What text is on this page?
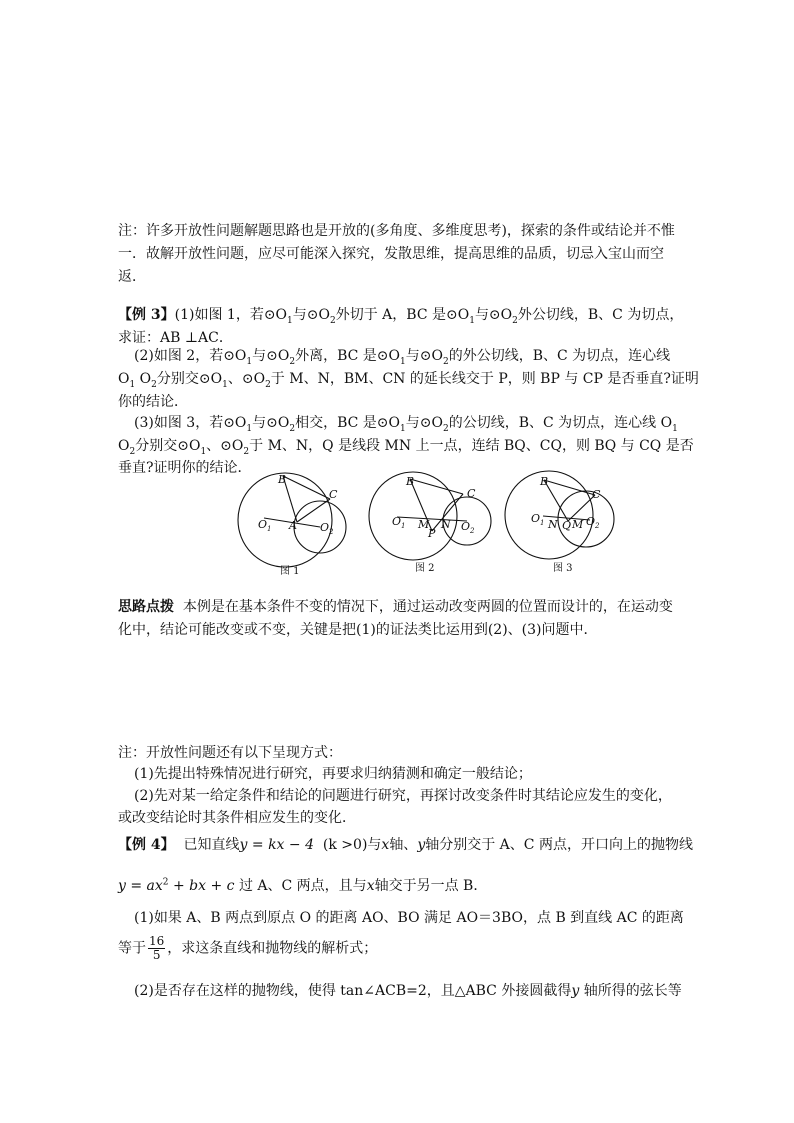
注：许多开放性问题解题思路也是开放的(多角度、多维度思考)，探索的条件或结论并不惟
一．故解开放性问题，应尽可能深入探究，发散思维，提高思维的品质，切忌入宝山而空
返．
【例 3】(1)如图 1，若$⊙O_1$与$⊙O_2$外切于 A，BC 是$⊙O_1$与$⊙O_2$外公切线，B、C 为切点，
求证：AB ⊥AC．
(2)如图 2，若$⊙O_1$与$⊙O_2$外离，BC 是$⊙O_1$与$⊙O_2$的外公切线，B、C 为切点，连心线
$O_1$ $O_2$分别交$⊙O_1$、$⊙O_2$于 M、N，BM、CN 的延长线交于 P，则 BP 与 CP 是否垂直?证明
你的结论．
(3)如图 3，若$⊙O_1$与$⊙O_2$相交，BC 是$⊙O_1$与$⊙O_2$的公切线，B、C 为切点，连心线 $O_1$
$O_2$分别交$⊙O_1$、$⊙O_2$于 M、N，Q 是线段 MN 上一点，连结 BQ、CQ，则 BQ 与 CQ 是否
垂直?证明你的结论．
B
C
$O_1$ A $O_2$
B
C
$O_1$ M N
P
$O_2$
B
C
$O_1$ N Q M $O_2$
图 1	图 2	图 3
思路点拨 本例是在基本条件不变的情况下，通过运动改变两圆的位置而设计的，在运动变
化中，结论可能改变或不变，关键是把(1)的证法类比运用到(2)、(3)问题中．
注：开放性问题还有以下呈现方式：
(1)先提出特殊情况进行研究，再要求归纳猜测和确定一般结论；
(2)先对某一给定条件和结论的问题进行研究，再探讨改变条件时其结论应发生的变化，
或改变结论时其条件相应发生的变化．
【例 4】 已知直线y = kx − 4 (k >0)与x轴、y轴分别交于 A、C 两点，开口向上的抛物线
$y = ax^2$ + bx + c 过 A、C 两点，且与x轴交于另一点 B．
(1)如果 A、B 两点到原点 O 的距离 AO、BO 满足 AO＝3BO，点 B 到直线 AC 的距离
等于 $\frac{16}{5}$ ，求这条直线和抛物线的解析式；
(2)是否存在这样的抛物线，使得 tan∠ACB=2，且△ABC 外接圆截得y 轴所得的弦长等
